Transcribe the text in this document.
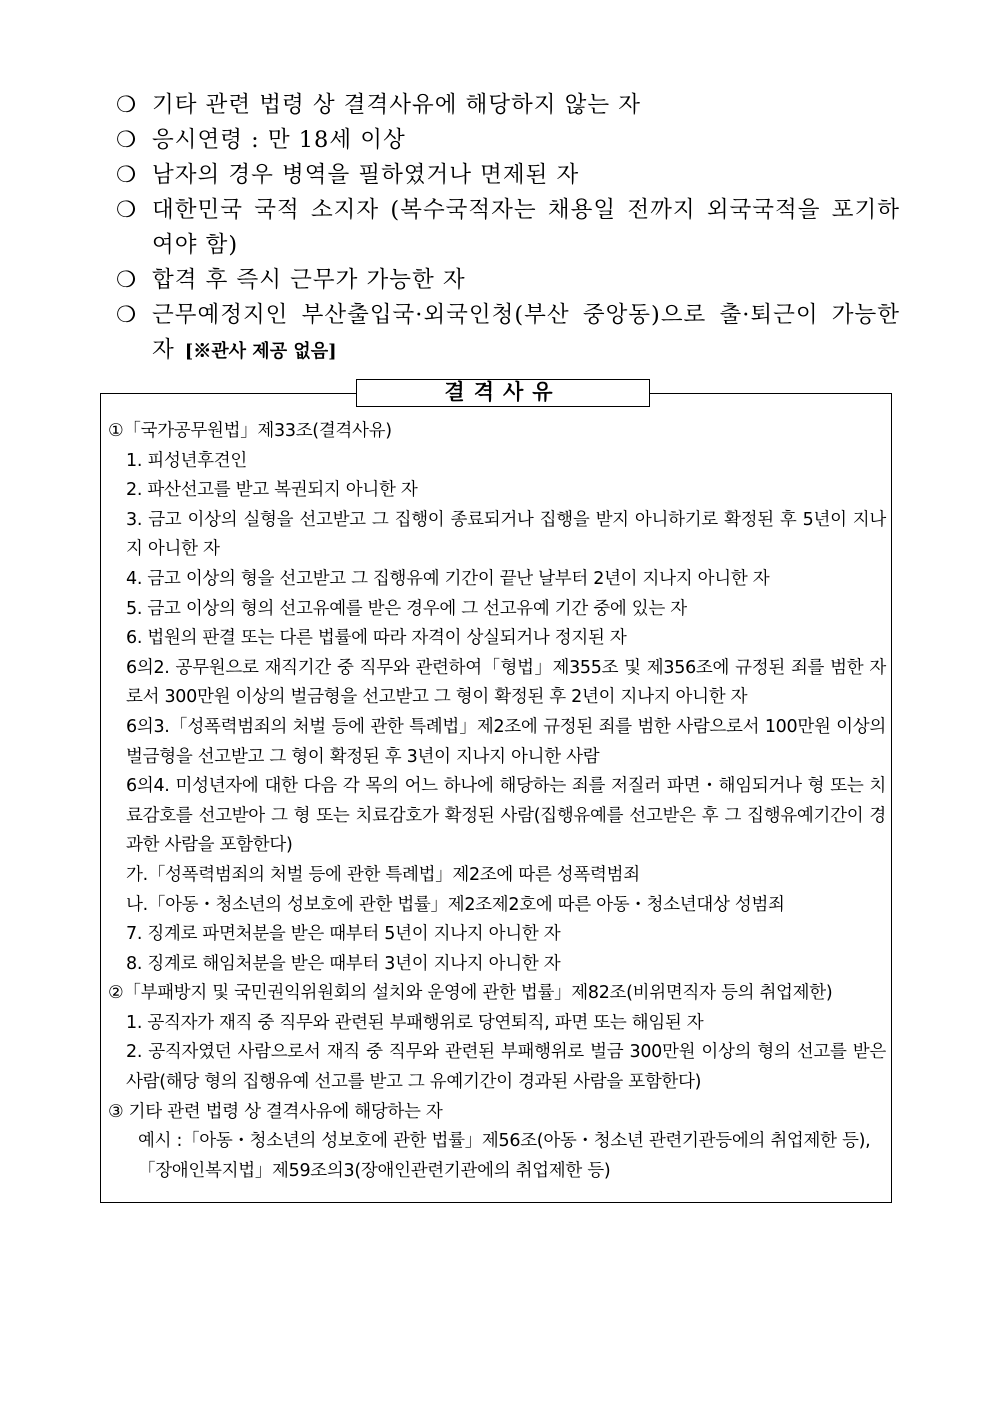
❍ 기타 관련 법령 상 결격사유에 해당하지 않는 자
❍ 응시연령 : 만 18세 이상
❍ 남자의 경우 병역을 필하였거나 면제된 자
❍ 대한민국 국적 소지자 (복수국적자는 채용일 전까지 외국국적을 포기하여야 함)
❍ 합격 후 즉시 근무가 가능한 자
❍ 근무예정지인 부산출입국·외국인청(부산 중앙동)으로 출·퇴근이 가능한 자 [※관사 제공 없음]
결격사유

①「국가공무원법」제33조(결격사유)

1. 피성년후견인

2. 파산선고를 받고 복권되지 아니한 자

3. 금고 이상의 실형을 선고받고 그 집행이 종료되거나 집행을 받지 아니하기로 확정된 후 5년이 지나지 아니한 자

4. 금고 이상의 형을 선고받고 그 집행유예 기간이 끝난 날부터 2년이 지나지 아니한 자

5. 금고 이상의 형의 선고유예를 받은 경우에 그 선고유예 기간 중에 있는 자

6. 법원의 판결 또는 다른 법률에 따라 자격이 상실되거나 정지된 자

6의2. 공무원으로 재직기간 중 직무와 관련하여「형법」제355조 및 제356조에 규정된 죄를 범한 자로서 300만원 이상의 벌금형을 선고받고 그 형이 확정된 후 2년이 지나지 아니한 자

6의3.「성폭력범죄의 처벌 등에 관한 특례법」제2조에 규정된 죄를 범한 사람으로서 100만원 이상의 벌금형을 선고받고 그 형이 확정된 후 3년이 지나지 아니한 사람

6의4. 미성년자에 대한 다음 각 목의 어느 하나에 해당하는 죄를 저질러 파면・해임되거나 형 또는 치료감호를 선고받아 그 형 또는 치료감호가 확정된 사람(집행유예를 선고받은 후 그 집행유예기간이 경과한 사람을 포함한다)

가.「성폭력범죄의 처벌 등에 관한 특례법」제2조에 따른 성폭력범죄

나.「아동・청소년의 성보호에 관한 법률」제2조제2호에 따른 아동・청소년대상 성범죄

7. 징계로 파면처분을 받은 때부터 5년이 지나지 아니한 자

8. 징계로 해임처분을 받은 때부터 3년이 지나지 아니한 자

②「부패방지 및 국민권익위원회의 설치와 운영에 관한 법률」제82조(비위면직자 등의 취업제한)

1. 공직자가 재직 중 직무와 관련된 부패행위로 당연퇴직, 파면 또는 해임된 자

2. 공직자였던 사람으로서 재직 중 직무와 관련된 부패행위로 벌금 300만원 이상의 형의 선고를 받은 사람(해당 형의 집행유예 선고를 받고 그 유예기간이 경과된 사람을 포함한다)

③ 기타 관련 법령 상 결격사유에 해당하는 자

예시 :「아동・청소년의 성보호에 관한 법률」제56조(아동・청소년 관련기관등에의 취업제한 등),

「장애인복지법」제59조의3(장애인관련기관에의 취업제한 등)
